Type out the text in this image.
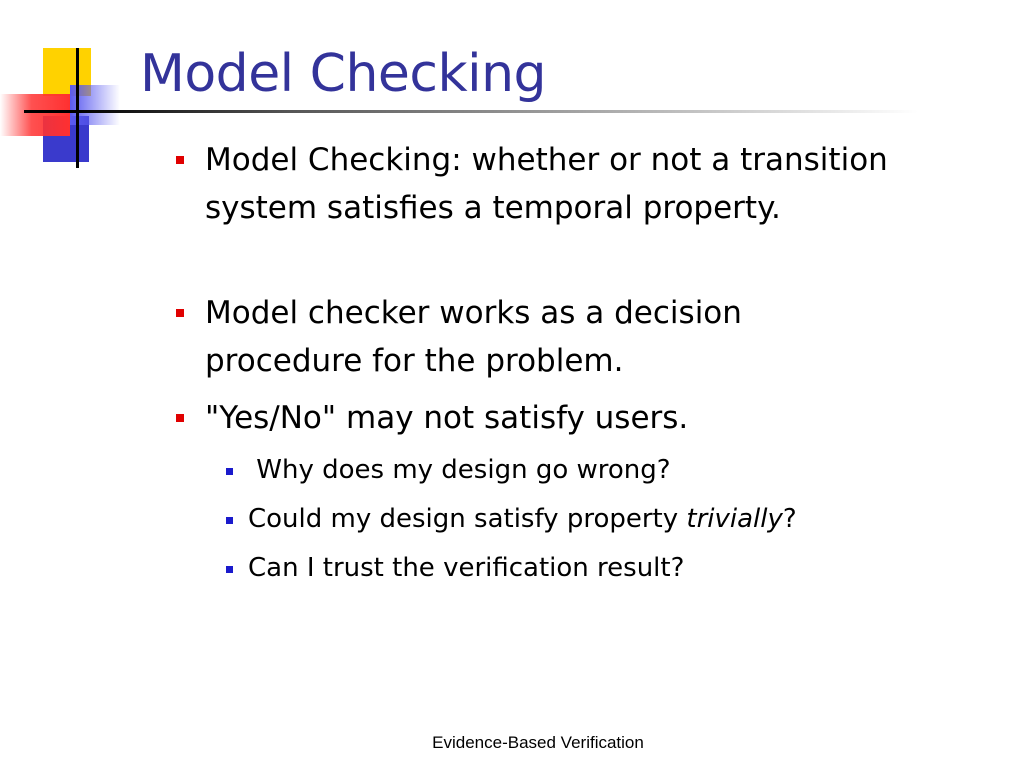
Model Checking
Model Checking: whether or not a transition system satisfies a temporal property.
Model checker works as a decision procedure for the problem.
"Yes/No" may not satisfy users.
Why does my design go wrong?
Could my design satisfy property trivially?
Can I trust the verification result?
Evidence-Based Verification
